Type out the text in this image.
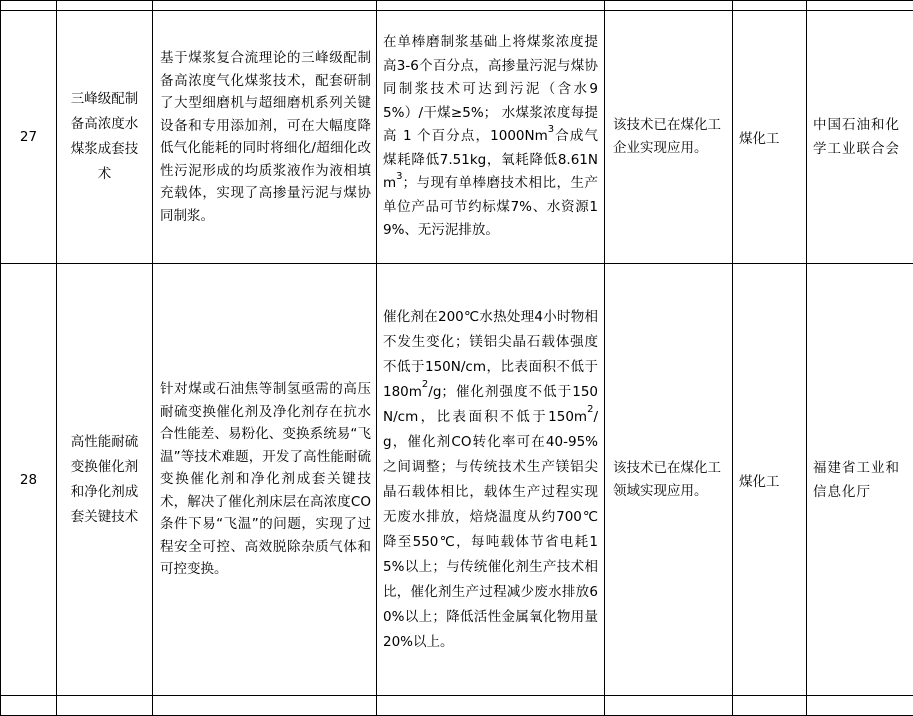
27	三峰级配制备高浓度水煤浆成套技术	基于煤浆复合流理论的三峰级配制备高浓度气化煤浆技术，配套研制了大型细磨机与超细磨机系列关键设备和专用添加剂，可在大幅度降低气化能耗的同时将细化/超细化改性污泥形成的均质浆液作为液相填充载体，实现了高掺量污泥与煤协同制浆。	在单棒磨制浆基础上将煤浆浓度提高3-6个百分点，高掺量污泥与煤协同制浆技术可达到污泥（含水95%）/干煤≥5%； 水煤浆浓度每提高 1 个百分点，1000Nm$^3$合成气煤耗降低7.51kg，氧耗降低8.61Nm$^3$；与现有单棒磨技术相比，生产单位产品可节约标煤7%、水资源19%、无污泥排放。	该技术已在煤化工企业实现应用。	煤化工	中国石油和化学工业联合会
28	高性能耐硫变换催化剂和净化剂成套关键技术	针对煤或石油焦等制氢亟需的高压耐硫变换催化剂及净化剂存在抗水合性能差、易粉化、变换系统易“飞温”等技术难题，开发了高性能耐硫变换催化剂和净化剂成套关键技术，解决了催化剂床层在高浓度CO条件下易“飞温”的问题，实现了过程安全可控、高效脱除杂质气体和可控变换。	催化剂在200℃水热处理4小时物相不发生变化；镁铝尖晶石载体强度不低于150N/cm，比表面积不低于$180m^2/g$；催化剂强度不低于150N/cm，比表面积不低于$150m^2/g$，催化剂CO转化率可在40-95%之间调整；与传统技术生产镁铝尖晶石载体相比，载体生产过程实现无废水排放，焙烧温度从约700℃降至550℃，每吨载体节省电耗15%以上；与传统催化剂生产技术相比，催化剂生产过程减少废水排放60%以上；降低活性金属氧化物用量20%以上。	该技术已在煤化工领域实现应用。	煤化工	福建省工业和信息化厅
